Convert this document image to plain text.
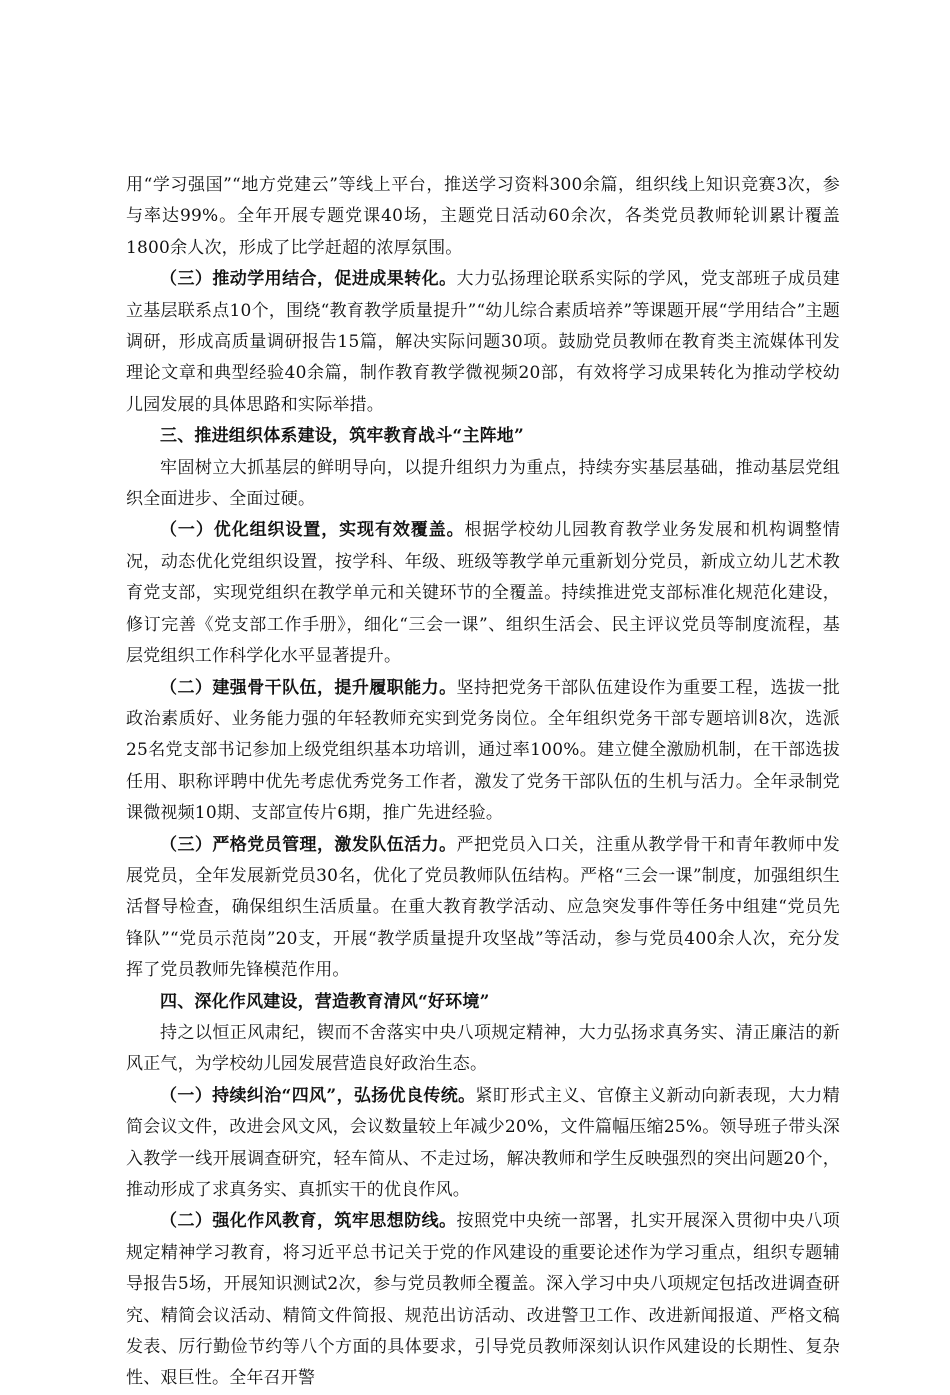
用“学习强国”“地方党建云”等线上平台，推送学习资料300余篇，组织线上知识竞赛3次，参与率达99%。全年开展专题党课40场，主题党日活动60余次，各类党员教师轮训累计覆盖1800余人次，形成了比学赶超的浓厚氛围。

（三）推动学用结合，促进成果转化。大力弘扬理论联系实际的学风，党支部班子成员建立基层联系点10个，围绕“教育教学质量提升”“幼儿综合素质培养”等课题开展“学用结合”主题调研，形成高质量调研报告15篇，解决实际问题30项。鼓励党员教师在教育类主流媒体刊发理论文章和典型经验40余篇，制作教育教学微视频20部，有效将学习成果转化为推动学校幼儿园发展的具体思路和实际举措。

三、推进组织体系建设，筑牢教育战斗“主阵地”

牢固树立大抓基层的鲜明导向，以提升组织力为重点，持续夯实基层基础，推动基层党组织全面进步、全面过硬。

（一）优化组织设置，实现有效覆盖。根据学校幼儿园教育教学业务发展和机构调整情况，动态优化党组织设置，按学科、年级、班级等教学单元重新划分党员，新成立幼儿艺术教育党支部，实现党组织在教学单元和关键环节的全覆盖。持续推进党支部标准化规范化建设，修订完善《党支部工作手册》，细化“三会一课”、组织生活会、民主评议党员等制度流程，基层党组织工作科学化水平显著提升。

（二）建强骨干队伍，提升履职能力。坚持把党务干部队伍建设作为重要工程，选拔一批政治素质好、业务能力强的年轻教师充实到党务岗位。全年组织党务干部专题培训8次，选派25名党支部书记参加上级党组织基本功培训，通过率100%。建立健全激励机制，在干部选拔任用、职称评聘中优先考虑优秀党务工作者，激发了党务干部队伍的生机与活力。全年录制党课微视频10期、支部宣传片6期，推广先进经验。

（三）严格党员管理，激发队伍活力。严把党员入口关，注重从教学骨干和青年教师中发展党员，全年发展新党员30名，优化了党员教师队伍结构。严格“三会一课”制度，加强组织生活督导检查，确保组织生活质量。在重大教育教学活动、应急突发事件等任务中组建“党员先锋队”“党员示范岗”20支，开展“教学质量提升攻坚战”等活动，参与党员400余人次，充分发挥了党员教师先锋模范作用。

四、深化作风建设，营造教育清风“好环境”

持之以恒正风肃纪，锲而不舍落实中央八项规定精神，大力弘扬求真务实、清正廉洁的新风正气，为学校幼儿园发展营造良好政治生态。

（一）持续纠治“四风”，弘扬优良传统。紧盯形式主义、官僚主义新动向新表现，大力精简会议文件，改进会风文风，会议数量较上年减少20%，文件篇幅压缩25%。领导班子带头深入教学一线开展调查研究，轻车简从、不走过场，解决教师和学生反映强烈的突出问题20个，推动形成了求真务实、真抓实干的优良作风。

（二）强化作风教育，筑牢思想防线。按照党中央统一部署，扎实开展深入贯彻中央八项规定精神学习教育，将习近平总书记关于党的作风建设的重要论述作为学习重点，组织专题辅导报告5场，开展知识测试2次，参与党员教师全覆盖。深入学习中央八项规定包括改进调查研究、精简会议活动、精简文件简报、规范出访活动、改进警卫工作、改进新闻报道、严格文稿发表、厉行勤俭节约等八个方面的具体要求，引导党员教师深刻认识作风建设的长期性、复杂性、艰巨性。全年召开警
